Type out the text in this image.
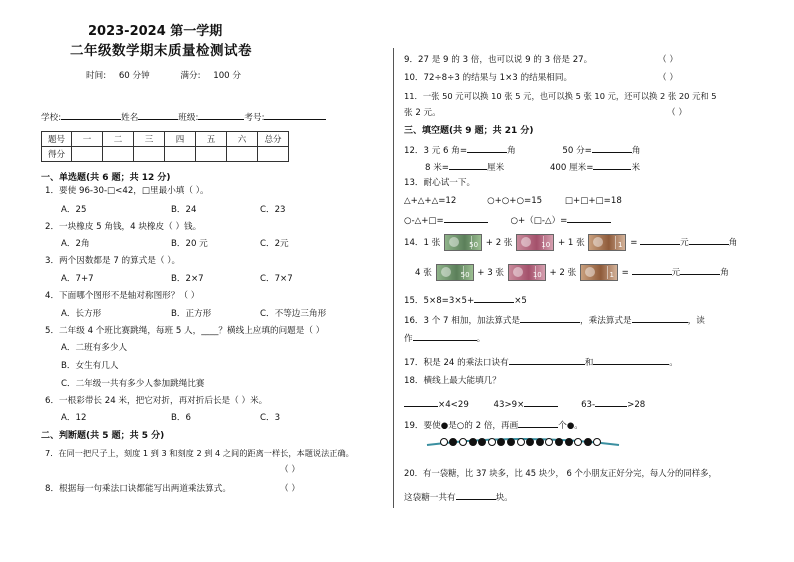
2023-2024 第一学期
二年级数学期末质量检测试卷
时间: 60 分钟	满分: 100 分
学校:	姓名	班级:	考号:
题号	一	二	三	四	五	六	总分
得分							
一、单选题(共 6 题；共 12 分)
1．要使 96-30-□<42，□里最小填（ ）。
A．25	B．24	C．23
2．一块橡皮 5 角钱，4 块橡皮（ ）钱。
A．2角	B．20 元	C．2元
3．两个因数都是 7 的算式是（ ）。
A．7+7	B．2×7	C．7×7
4．下面哪个图形不是轴对称图形？（ ）
A．长方形	B．正方形	C．不等边三角形
5．二年级 4 个班比赛跳绳，每班 5 人，____？横线上应填的问题是（ ）
A．二班有多少人
B．女生有几人
C．二年级一共有多少人参加跳绳比赛
6．一根彩带长 24 米，把它对折，再对折后长是（ ）米。
A．12	B．6	C．3
二、判断题(共 5 题；共 5 分)
7．在同一把尺子上，刻度 1 到 3 和刻度 2 到 4 之间的距离一样长，本题说法正确。
（ ）
8．根据每一句乘法口诀都能写出两道乘法算式。	（ ）
9．27 是 9 的 3 倍，也可以说 9 的 3 倍是 27。	（ ）
10．72÷8÷3 的结果与 1×3 的结果相同。	（ ）
11．一张 50 元可以换 10 张 5 元，也可以换 5 张 10 元，还可以换 2 张 20 元和 5
张 2 元。	（ ）
三、填空题(共 9 题；共 21 分)
12．3 元 6 角=	角	50 分=	角
8 米=	厘米	400 厘米=	米
13．耐心试一下。
△+△+△=12	○+○+○=15	□+□+□=18
○-△+□=	○+（□-△）=
14．1 张	50 + 2 张	10 + 1 张	1 =	元	角
4 张	50 + 3 张	10 + 2 张	1 =	元	角
15．5×8=3×5+	×5
16．3 个 7 相加，加法算式是	，乘法算式是	，读
作	。
17．积是 24 的乘法口诀有	和	。
18．横线上最大能填几？
×4<29	43>9×	63-	>28
19．要使●是○的 2 倍，再画	个●。
20．有一袋糖，比 37 块多，比 45 块少， 6 个小朋友正好分完，每人分的同样多，
这袋糖一共有	块。
